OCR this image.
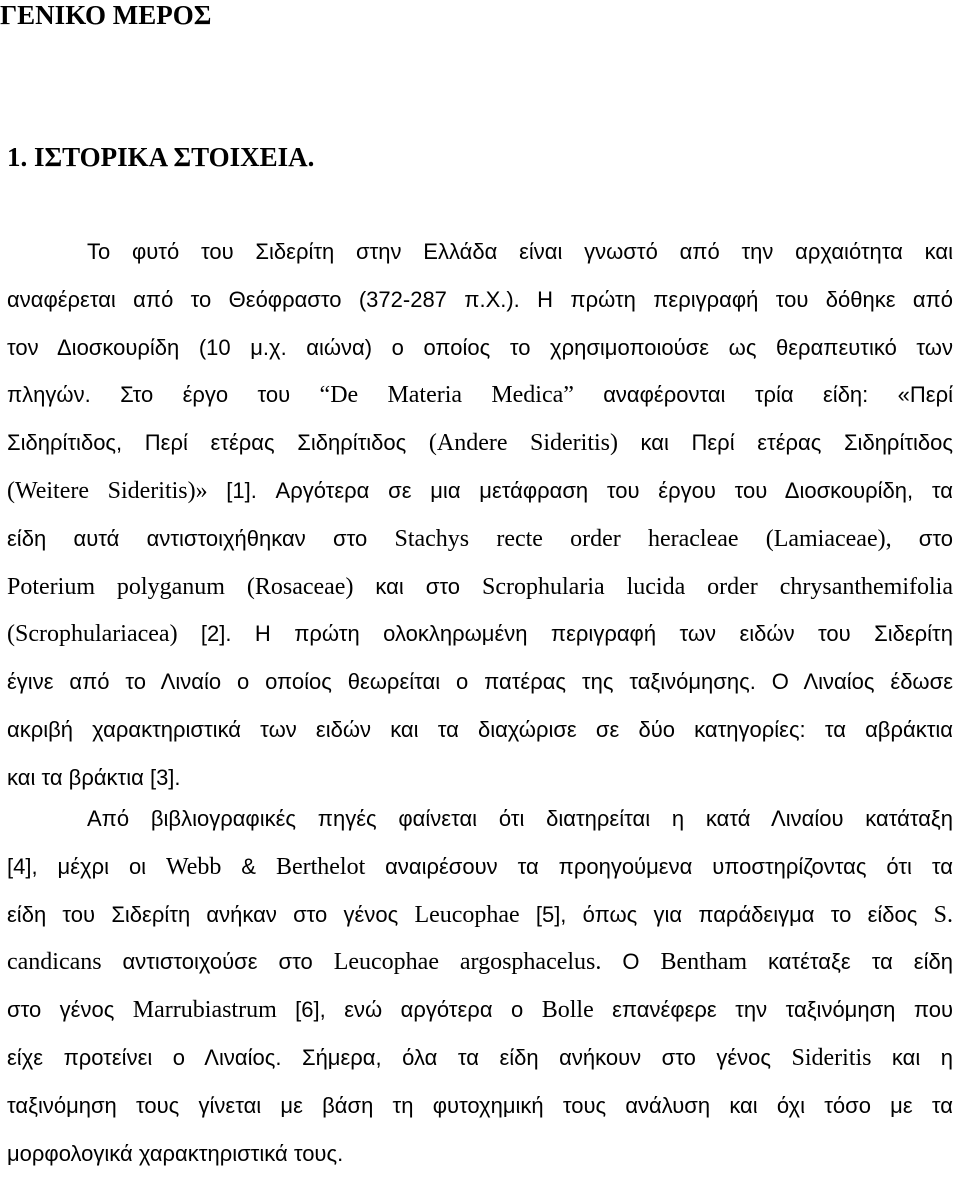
ΓΕΝΙΚΟ ΜΕΡΟΣ
1. ΙΣΤΟΡΙΚΑ ΣΤΟΙΧΕΙΑ.
Το φυτό του Σιδερίτη στην Ελλάδα είναι γνωστό από την αρχαιότητα και
αναφέρεται από το Θεόφραστο (372-287 π.Χ.). Η πρώτη περιγραφή του δόθηκε από
τον Διοσκουρίδη (10 μ.χ. αιώνα) ο οποίος το χρησιμοποιούσε ως θεραπευτικό των
πληγών. Στο έργο του “De Materia Medica” αναφέρονται τρία είδη: «Περί
Σιδηρίτιδος, Περί ετέρας Σιδηρίτιδος (Andere Sideritis) και Περί ετέρας Σιδηρίτιδος
(Weitere Sideritis)» [1]. Αργότερα σε μια μετάφραση του έργου του Διοσκουρίδη, τα
είδη αυτά αντιστοιχήθηκαν στο Stachys recte order heracleae (Lamiaceae), στο
Poterium polyganum (Rosaceae) και στο Scrophularia lucida order chrysanthemifolia
(Scrophulariacea) [2]. Η πρώτη ολοκληρωμένη περιγραφή των ειδών του Σιδερίτη
έγινε από το Λιναίο ο οποίος θεωρείται ο πατέρας της ταξινόμησης. Ο Λιναίος έδωσε
ακριβή χαρακτηριστικά των ειδών και τα διαχώρισε σε δύο κατηγορίες: τα αβράκτια
και τα βράκτια [3].
Από βιβλιογραφικές πηγές φαίνεται ότι διατηρείται η κατά Λιναίου κατάταξη
[4], μέχρι οι Webb & Berthelot αναιρέσουν τα προηγούμενα υποστηρίζοντας ότι τα
είδη του Σιδερίτη ανήκαν στο γένος Leucophae [5], όπως για παράδειγμα το είδος S.
candicans αντιστοιχούσε στο Leucophae argosphacelus. Ο Bentham κατέταξε τα είδη
στο γένος Marrubiastrum [6], ενώ αργότερα ο Bolle επανέφερε την ταξινόμηση που
είχε προτείνει ο Λιναίος. Σήμερα, όλα τα είδη ανήκουν στο γένος Sideritis και η
ταξινόμηση τους γίνεται με βάση τη φυτοχημική τους ανάλυση και όχι τόσο με τα
μορφολογικά χαρακτηριστικά τους.
